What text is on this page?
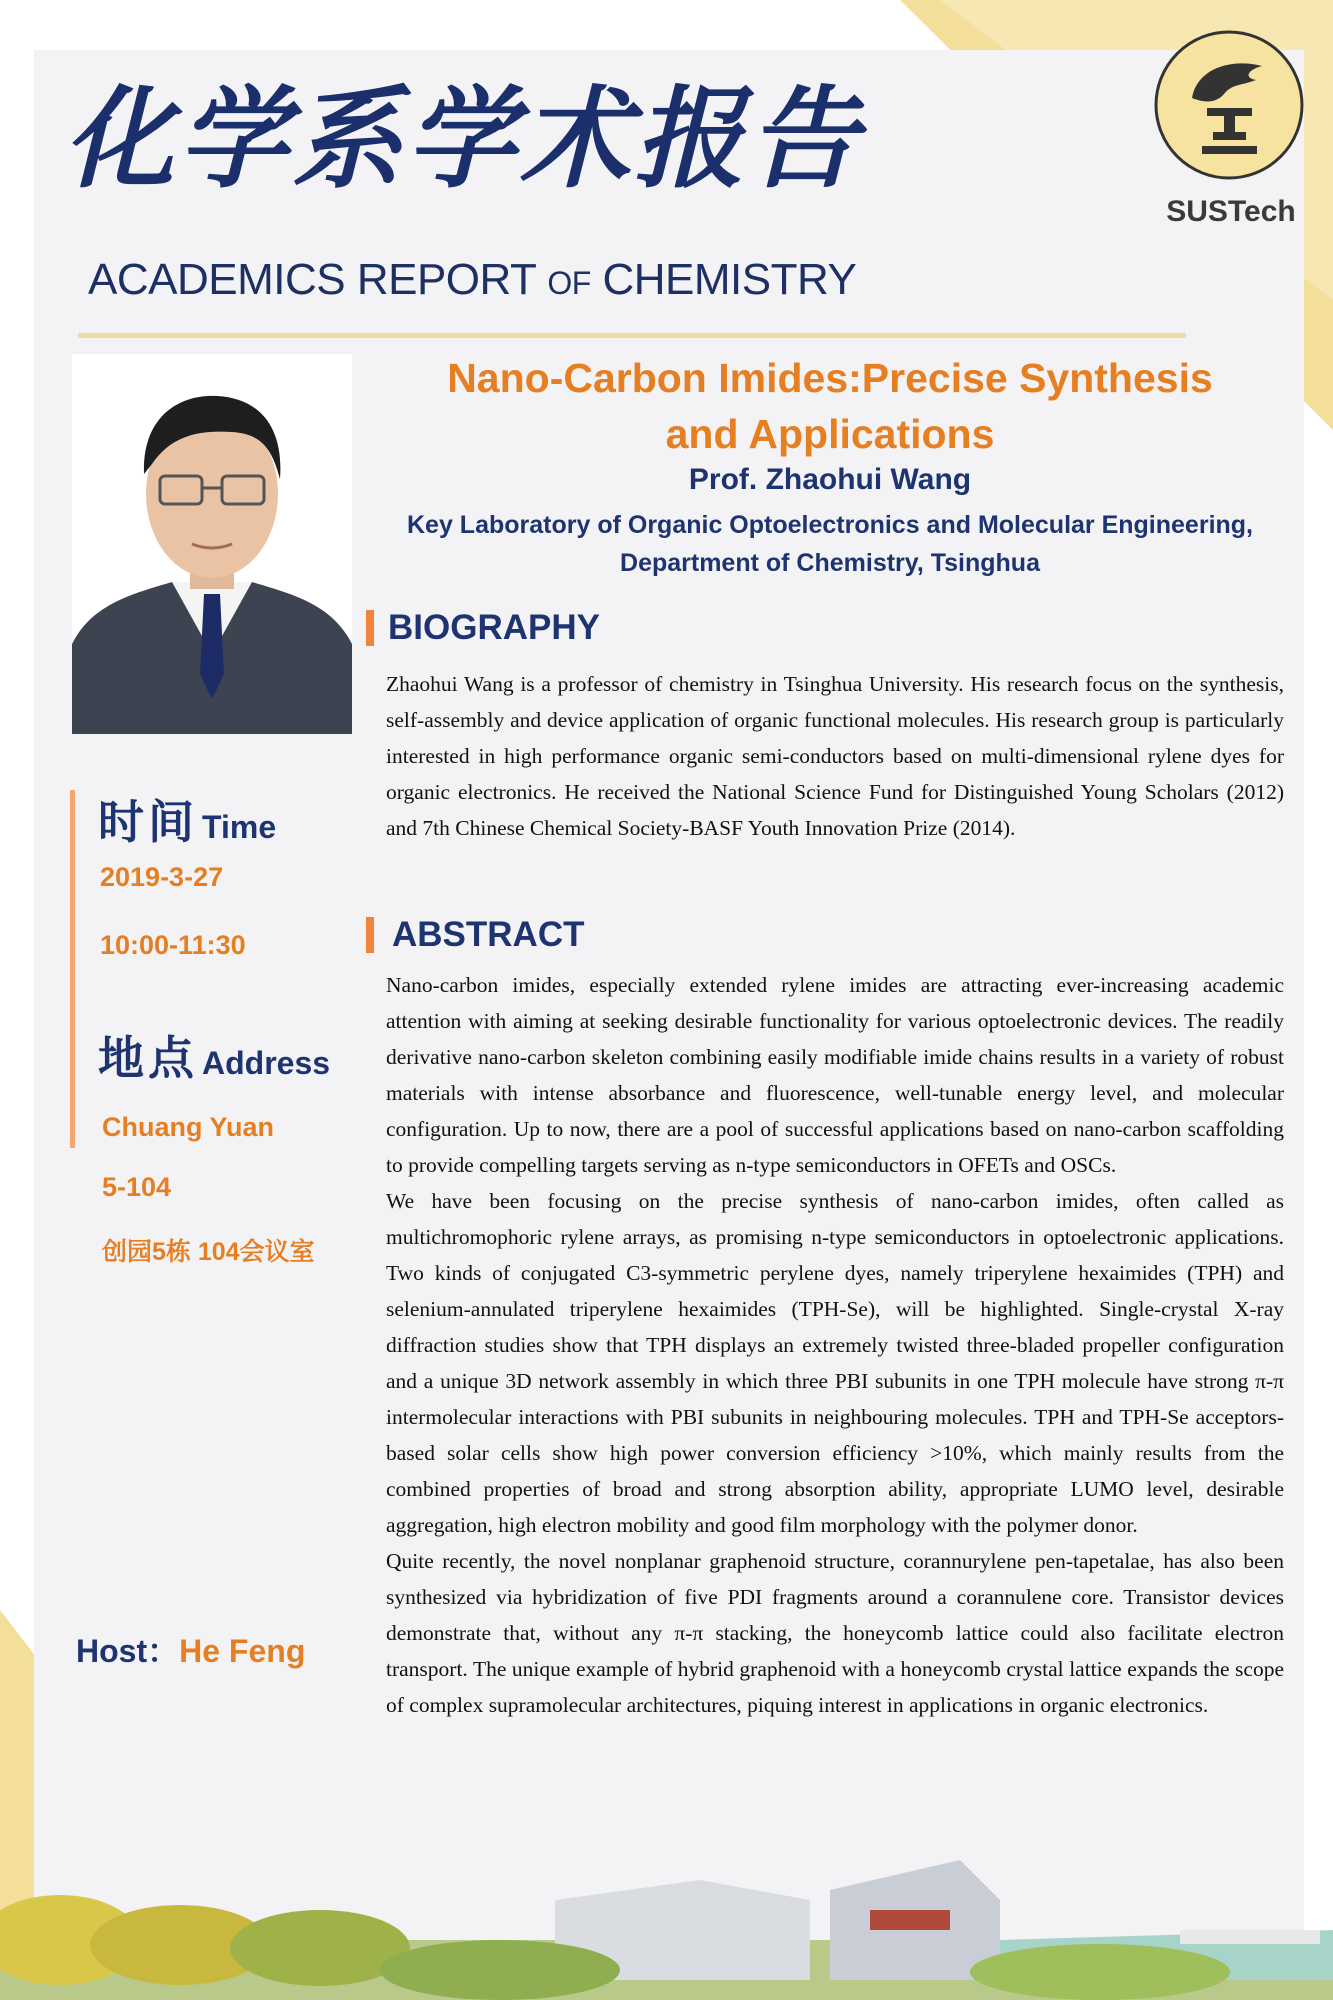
SUSTech
化学系学术报告
ACADEMICS REPORT OF CHEMISTRY
Nano-Carbon Imides:Precise Synthesis
and Applications
Prof. Zhaohui Wang
Key Laboratory of Organic Optoelectronics and Molecular Engineering,
Department of Chemistry, Tsinghua
BIOGRAPHY

Zhaohui Wang is a professor of chemistry in Tsinghua University. His research focus on the synthesis, self-assembly and device application of organic functional molecules. His research group is particularly interested in high performance organic semi-conductors based on multi-dimensional rylene dyes for organic electronics. He received the National Science Fund for Distinguished Young Scholars (2012) and 7th Chinese Chemical Society-BASF Youth Innovation Prize (2014).

ABSTRACT

Nano-carbon imides, especially extended rylene imides are attracting ever-increasing academic attention with aiming at seeking desirable functionality for various optoelectronic devices. The readily derivative nano-carbon skeleton combining easily modifiable imide chains results in a variety of robust materials with intense absorbance and fluorescence, well-tunable energy level, and molecular configuration. Up to now, there are a pool of successful applications based on nano-carbon scaffolding to provide compelling targets serving as n-type semiconductors in OFETs and OSCs.

We have been focusing on the precise synthesis of nano-carbon imides, often called as multichromophoric rylene arrays, as promising n-type semiconductors in optoelectronic applications. Two kinds of conjugated C3-symmetric perylene dyes, namely triperylene hexaimides (TPH) and selenium-annulated triperylene hexaimides (TPH-Se), will be highlighted. Single-crystal X-ray diffraction studies show that TPH displays an extremely twisted three-bladed propeller configuration and a unique 3D network assembly in which three PBI subunits in one TPH molecule have strong π-π intermolecular interactions with PBI subunits in neighbouring molecules. TPH and TPH-Se acceptors-based solar cells show high power conversion efficiency >10%, which mainly results from the combined properties of broad and strong absorption ability, appropriate LUMO level, desirable aggregation, high electron mobility and good film morphology with the polymer donor.

Quite recently, the novel nonplanar graphenoid structure, corannurylene pen-tapetalae, has also been synthesized via hybridization of five PDI fragments around a corannulene core. Transistor devices demonstrate that, without any π-π stacking, the honeycomb lattice could also facilitate electron transport. The unique example of hybrid graphenoid with a honeycomb crystal lattice expands the scope of complex supramolecular architectures, piquing interest in applications in organic electronics.

时间 Time
2019-3-27
10:00-11:30
地点 Address
Chuang Yuan
5-104
创园5栋 104会议室
Host：He Feng
